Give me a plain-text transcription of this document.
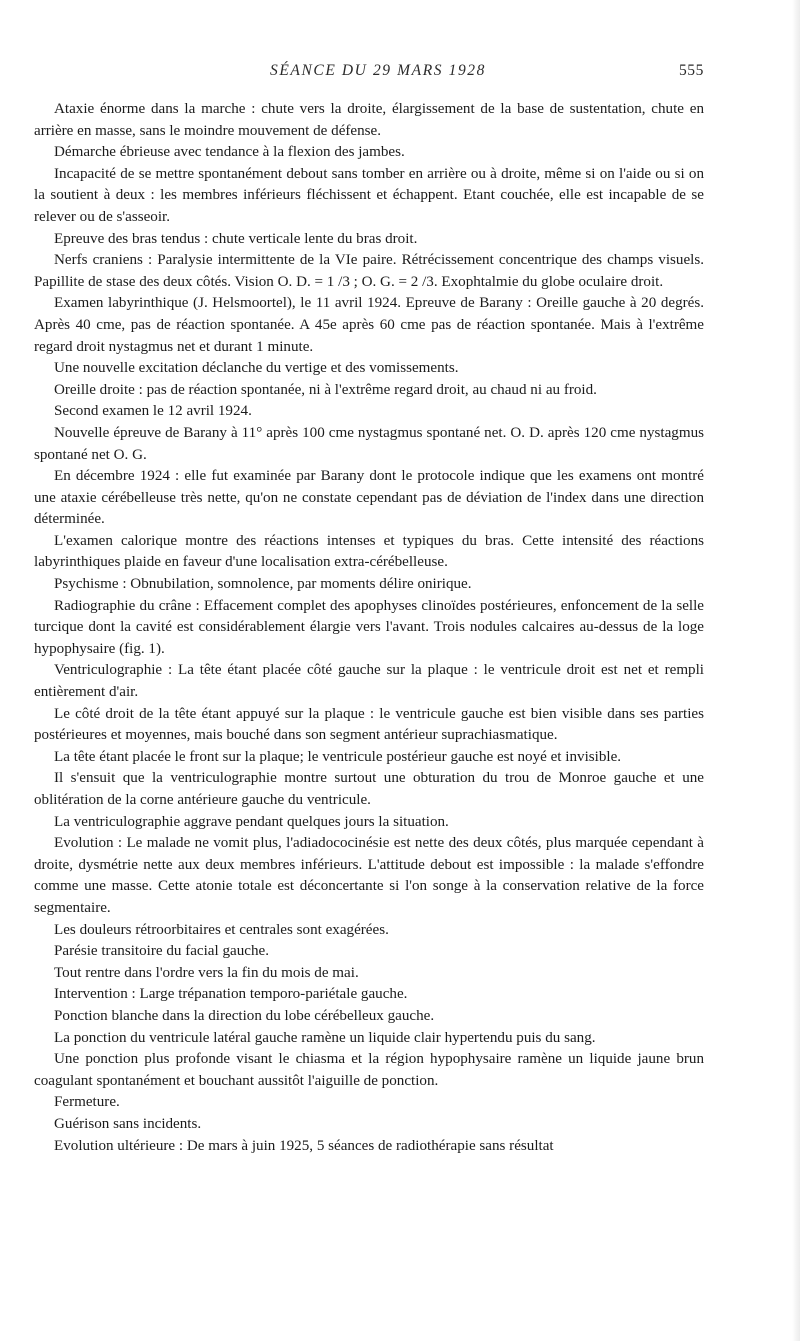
SÉANCE DU 29 MARS 1928	555

Ataxie énorme dans la marche : chute vers la droite, élargissement de la base de sustentation, chute en arrière en masse, sans le moindre mouvement de défense.

Démarche ébrieuse avec tendance à la flexion des jambes.

Incapacité de se mettre spontanément debout sans tomber en arrière ou à droite, même si on l'aide ou si on la soutient à deux : les membres inférieurs fléchissent et échappent. Etant couchée, elle est incapable de se relever ou de s'asseoir.

Epreuve des bras tendus : chute verticale lente du bras droit.

Nerfs craniens : Paralysie intermittente de la VIe paire. Rétrécissement concentrique des champs visuels. Papillite de stase des deux côtés. Vision O. D. = 1 /3 ; O. G. = 2 /3. Exophtalmie du globe oculaire droit.

Examen labyrinthique (J. Helsmoortel), le 11 avril 1924. Epreuve de Barany : Oreille gauche à 20 degrés. Après 40 cme, pas de réaction spontanée. A 45e après 60 cme pas de réaction spontanée. Mais à l'extrême regard droit nystagmus net et durant 1 minute.

Une nouvelle excitation déclanche du vertige et des vomissements.

Oreille droite : pas de réaction spontanée, ni à l'extrême regard droit, au chaud ni au froid.

Second examen le 12 avril 1924.

Nouvelle épreuve de Barany à 11° après 100 cme nystagmus spontané net. O. D. après 120 cme nystagmus spontané net O. G.

En décembre 1924 : elle fut examinée par Barany dont le protocole indique que les examens ont montré une ataxie cérébelleuse très nette, qu'on ne constate cependant pas de déviation de l'index dans une direction déterminée.

L'examen calorique montre des réactions intenses et typiques du bras. Cette intensité des réactions labyrinthiques plaide en faveur d'une localisation extra-cérébelleuse.

Psychisme : Obnubilation, somnolence, par moments délire onirique.

Radiographie du crâne : Effacement complet des apophyses clinoïdes postérieures, enfoncement de la selle turcique dont la cavité est considérablement élargie vers l'avant. Trois nodules calcaires au-dessus de la loge hypophysaire (fig. 1).

Ventriculographie : La tête étant placée côté gauche sur la plaque : le ventricule droit est net et rempli entièrement d'air.

Le côté droit de la tête étant appuyé sur la plaque : le ventricule gauche est bien visible dans ses parties postérieures et moyennes, mais bouché dans son segment antérieur suprachiasmatique.

La tête étant placée le front sur la plaque; le ventricule postérieur gauche est noyé et invisible.

Il s'ensuit que la ventriculographie montre surtout une obturation du trou de Monroe gauche et une oblitération de la corne antérieure gauche du ventricule.

La ventriculographie aggrave pendant quelques jours la situation.

Evolution : Le malade ne vomit plus, l'adiadococinésie est nette des deux côtés, plus marquée cependant à droite, dysmétrie nette aux deux membres inférieurs. L'attitude debout est impossible : la malade s'effondre comme une masse. Cette atonie totale est déconcertante si l'on songe à la conservation relative de la force segmentaire.

Les douleurs rétroorbitaires et centrales sont exagérées.

Parésie transitoire du facial gauche.

Tout rentre dans l'ordre vers la fin du mois de mai.

Intervention : Large trépanation temporo-pariétale gauche.

Ponction blanche dans la direction du lobe cérébelleux gauche.

La ponction du ventricule latéral gauche ramène un liquide clair hypertendu puis du sang.

Une ponction plus profonde visant le chiasma et la région hypophysaire ramène un liquide jaune brun coagulant spontanément et bouchant aussitôt l'aiguille de ponction.

Fermeture.

Guérison sans incidents.

Evolution ultérieure : De mars à juin 1925, 5 séances de radiothérapie sans résultat
